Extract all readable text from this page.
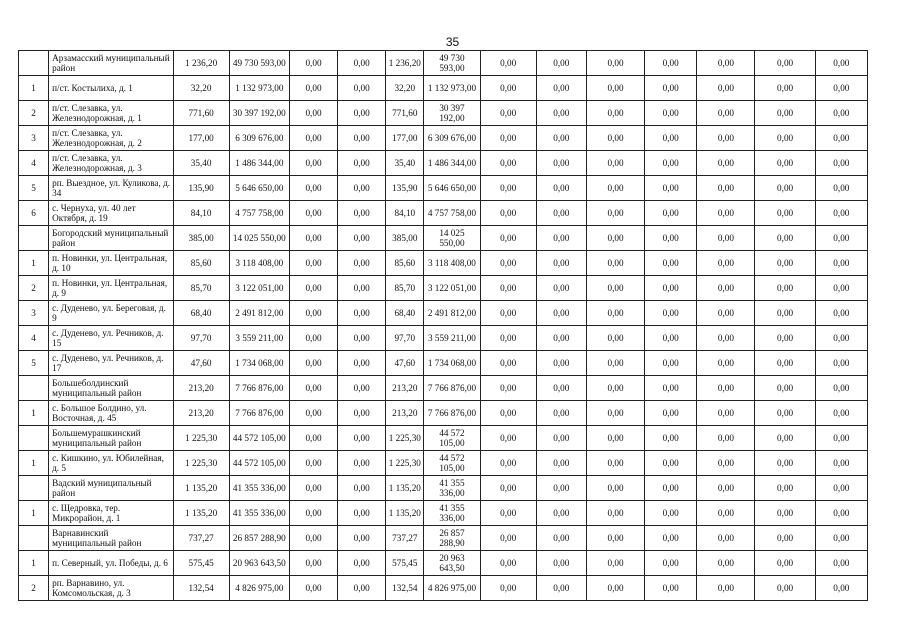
35
	Арзамасский муниципальный район	1 236,20	49 730 593,00	0,00	0,00	1 236,20	49 730 593,00	0,00	0,00	0,00	0,00	0,00	0,00	0,00
1	п/ст. Костылиха, д. 1	32,20	1 132 973,00	0,00	0,00	32,20	1 132 973,00	0,00	0,00	0,00	0,00	0,00	0,00	0,00
2	п/ст. Слезавка, ул. Железнодорожная, д. 1	771,60	30 397 192,00	0,00	0,00	771,60	30 397 192,00	0,00	0,00	0,00	0,00	0,00	0,00	0,00
3	п/ст. Слезавка, ул. Железнодорожная, д. 2	177,00	6 309 676,00	0,00	0,00	177,00	6 309 676,00	0,00	0,00	0,00	0,00	0,00	0,00	0,00
4	п/ст. Слезавка, ул. Железнодорожная, д. 3	35,40	1 486 344,00	0,00	0,00	35,40	1 486 344,00	0,00	0,00	0,00	0,00	0,00	0,00	0,00
5	рп. Выездное, ул. Куликова, д. 34	135,90	5 646 650,00	0,00	0,00	135,90	5 646 650,00	0,00	0,00	0,00	0,00	0,00	0,00	0,00
6	с. Чернуха, ул. 40 лет Октября, д. 19	84,10	4 757 758,00	0,00	0,00	84,10	4 757 758,00	0,00	0,00	0,00	0,00	0,00	0,00	0,00
	Богородский муниципальный район	385,00	14 025 550,00	0,00	0,00	385,00	14 025 550,00	0,00	0,00	0,00	0,00	0,00	0,00	0,00
1	п. Новинки, ул. Центральная, д. 10	85,60	3 118 408,00	0,00	0,00	85,60	3 118 408,00	0,00	0,00	0,00	0,00	0,00	0,00	0,00
2	п. Новинки, ул. Центральная, д. 9	85,70	3 122 051,00	0,00	0,00	85,70	3 122 051,00	0,00	0,00	0,00	0,00	0,00	0,00	0,00
3	с. Дуденево, ул. Береговая, д. 9	68,40	2 491 812,00	0,00	0,00	68,40	2 491 812,00	0,00	0,00	0,00	0,00	0,00	0,00	0,00
4	с. Дуденево, ул. Речников, д. 15	97,70	3 559 211,00	0,00	0,00	97,70	3 559 211,00	0,00	0,00	0,00	0,00	0,00	0,00	0,00
5	с. Дуденево, ул. Речников, д. 17	47,60	1 734 068,00	0,00	0,00	47,60	1 734 068,00	0,00	0,00	0,00	0,00	0,00	0,00	0,00
	Большеболдинский муниципальный район	213,20	7 766 876,00	0,00	0,00	213,20	7 766 876,00	0,00	0,00	0,00	0,00	0,00	0,00	0,00
1	с. Большое Болдино, ул. Восточная, д. 45	213,20	7 766 876,00	0,00	0,00	213,20	7 766 876,00	0,00	0,00	0,00	0,00	0,00	0,00	0,00
	Большемурашкинский муниципальный район	1 225,30	44 572 105,00	0,00	0,00	1 225,30	44 572 105,00	0,00	0,00	0,00	0,00	0,00	0,00	0,00
1	с. Кишкино, ул. Юбилейная, д. 5	1 225,30	44 572 105,00	0,00	0,00	1 225,30	44 572 105,00	0,00	0,00	0,00	0,00	0,00	0,00	0,00
	Вадский муниципальный район	1 135,20	41 355 336,00	0,00	0,00	1 135,20	41 355 336,00	0,00	0,00	0,00	0,00	0,00	0,00	0,00
1	с. Щедровка, тер. Микрорайон, д. 1	1 135,20	41 355 336,00	0,00	0,00	1 135,20	41 355 336,00	0,00	0,00	0,00	0,00	0,00	0,00	0,00
	Варнавинский муниципальный район	737,27	26 857 288,90	0,00	0,00	737,27	26 857 288,90	0,00	0,00	0,00	0,00	0,00	0,00	0,00
1	п. Северный, ул. Победы, д. 6	575,45	20 963 643,50	0,00	0,00	575,45	20 963 643,50	0,00	0,00	0,00	0,00	0,00	0,00	0,00
2	рп. Варнавино, ул. Комсомольская, д. 3	132,54	4 826 975,00	0,00	0,00	132,54	4 826 975,00	0,00	0,00	0,00	0,00	0,00	0,00	0,00
